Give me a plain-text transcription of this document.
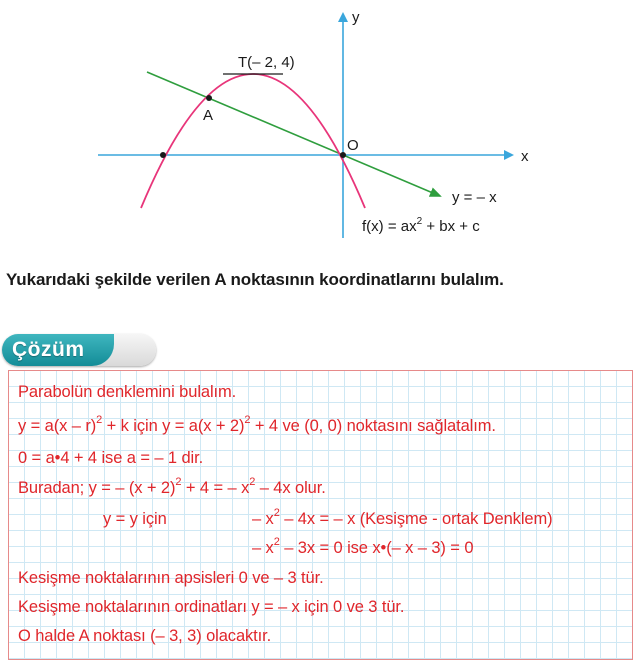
y
x
T(– 2, 4)
A
O
y = – x
$f(x) = ax^2$ + bx + c
Yukarıdaki şekilde verilen A noktasının koordinatlarını bulalım.
Çözüm
Parabolün denklemini bulalım.
y = a(x – r)$^2$ + k için $y = a(x + 2)^2 + 4$ ve (0, 0) noktasını sağlatalım.
0 = a•4 + 4 ise a = – 1 dir.
Buradan; y = – $(x + 2)^2 + 4$ = – $x^2 - 4x$ olur.
y = y için	– $x^2 - 4x$ = – x (Kesişme - ortak Denklem)
– $x^2 - 3x = 0$ ise x•(– x – 3) = 0
Kesişme noktalarının apsisleri 0 ve – 3 tür.
Kesişme noktalarının ordinatları y = – x için 0 ve 3 tür.
O halde A noktası (– 3, 3) olacaktır.
